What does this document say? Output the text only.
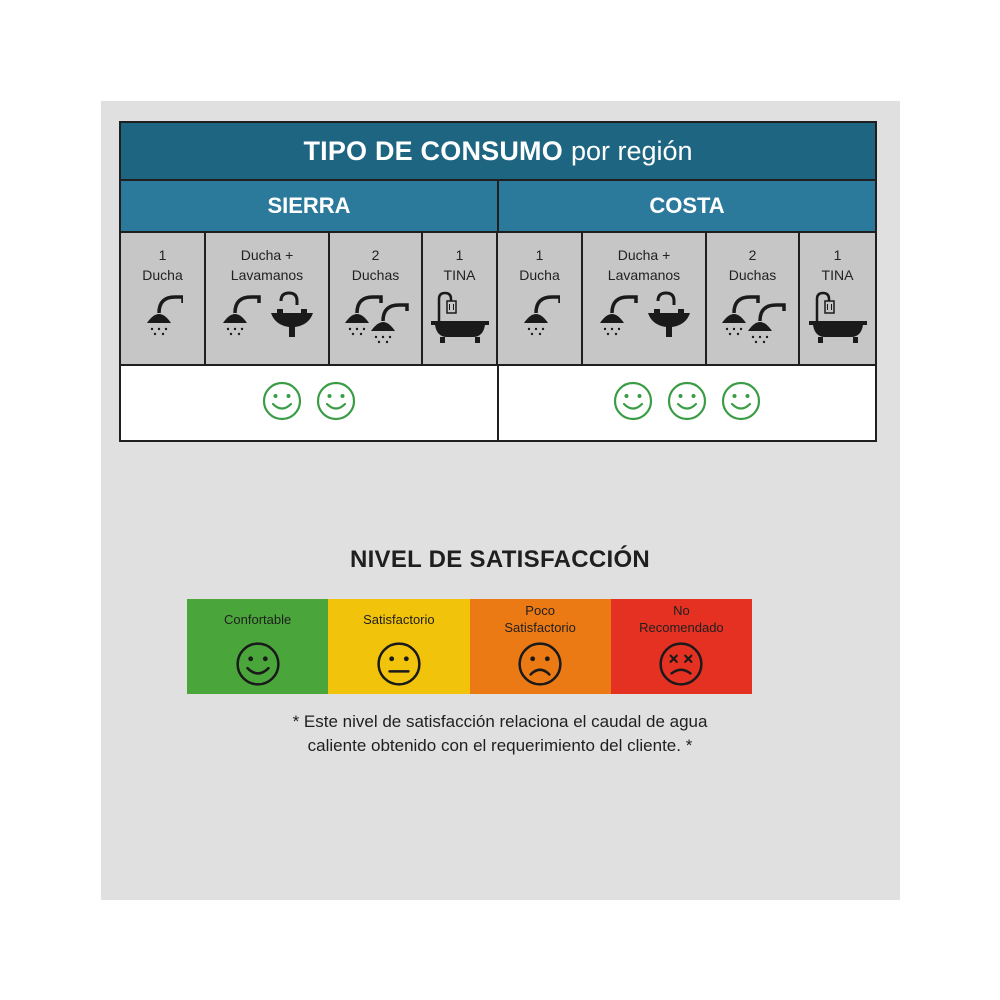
TIPO DE CONSUMO por región
SIERRA	COSTA
1
Ducha
Ducha +
Lavamanos
2
Duchas
1
TINA
1
Ducha
Ducha +
Lavamanos
2
Duchas
1
TINA
NIVEL DE SATISFACCIÓN
Confortable	Satisfactorio
Poco
Satisfactorio
No
Recomendado
* Este nivel de satisfacción relaciona el caudal de agua
caliente obtenido con el requerimiento del cliente. *
